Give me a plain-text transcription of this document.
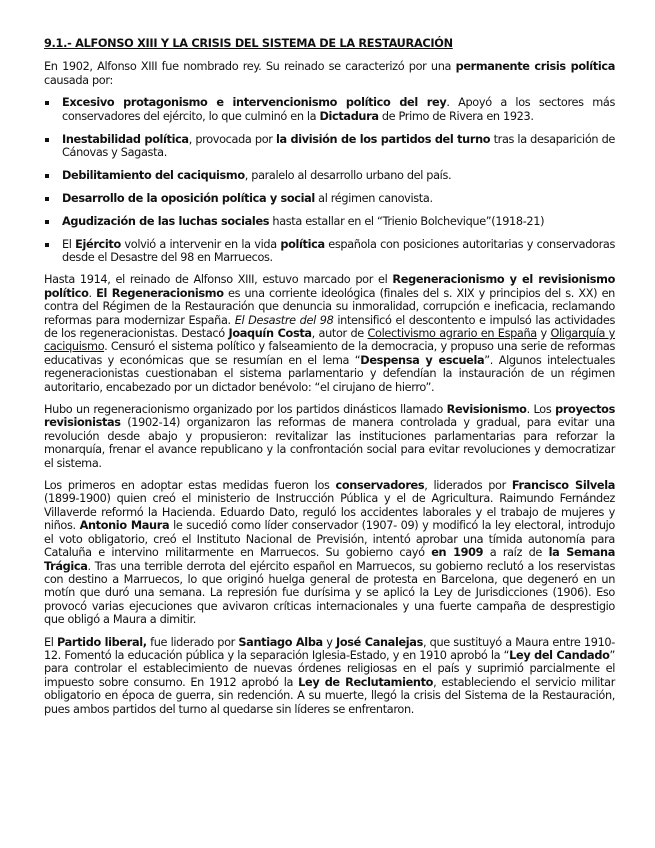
9.1.- ALFONSO XIII Y LA CRISIS DEL SISTEMA DE LA RESTAURACIÓN

En 1902, Alfonso XIII fue nombrado rey. Su reinado se caracterizó por una permanente crisis política causada por:

Excesivo protagonismo e intervencionismo político del rey. Apoyó a los sectores más conservadores del ejército, lo que culminó en la Dictadura de Primo de Rivera en 1923.
Inestabilidad política, provocada por la división de los partidos del turno tras la desaparición de Cánovas y Sagasta.
Debilitamiento del caciquismo, paralelo al desarrollo urbano del país.
Desarrollo de la oposición política y social al régimen canovista.
Agudización de las luchas sociales hasta estallar en el “Trienio Bolchevique”(1918-21)
El Ejército volvió a intervenir en la vida política española con posiciones autoritarias y conservadoras desde el Desastre del 98 en Marruecos.

Hasta 1914, el reinado de Alfonso XIII, estuvo marcado por el Regeneracionismo y el revisionismo político. El Regeneracionismo es una corriente ideológica (finales del s. XIX y principios del s. XX) en contra del Régimen de la Restauración que denuncia su inmoralidad, corrupción e ineficacia, reclamando reformas para modernizar España. El Desastre del 98 intensificó el descontento e impulsó las actividades de los regeneracionistas. Destacó Joaquín Costa, autor de Colectivismo agrario en España y Oligarquía y caciquismo. Censuró el sistema político y falseamiento de la democracia, y propuso una serie de reformas educativas y económicas que se resumían en el lema “Despensa y escuela”. Algunos intelectuales regeneracionistas cuestionaban el sistema parlamentario y defendían la instauración de un régimen autoritario, encabezado por un dictador benévolo: “el cirujano de hierro”.

Hubo un regeneracionismo organizado por los partidos dinásticos llamado Revisionismo. Los proyectos revisionistas (1902-14) organizaron las reformas de manera controlada y gradual, para evitar una revolución desde abajo y propusieron: revitalizar las instituciones parlamentarias para reforzar la monarquía, frenar el avance republicano y la confrontación social para evitar revoluciones y democratizar el sistema.

Los primeros en adoptar estas medidas fueron los conservadores, liderados por Francisco Silvela (1899-1900) quien creó el ministerio de Instrucción Pública y el de Agricultura. Raimundo Fernández Villaverde reformó la Hacienda. Eduardo Dato, reguló los accidentes laborales y el trabajo de mujeres y niños. Antonio Maura le sucedió como líder conservador (1907- 09) y modificó la ley electoral, introdujo el voto obligatorio, creó el Instituto Nacional de Previsión, intentó aprobar una tímida autonomía para Cataluña e intervino militarmente en Marruecos. Su gobierno cayó en 1909 a raíz de la Semana Trágica. Tras una terrible derrota del ejército español en Marruecos, su gobierno reclutó a los reservistas con destino a Marruecos, lo que originó huelga general de protesta en Barcelona, que degeneró en un motín que duró una semana. La represión fue durísima y se aplicó la Ley de Jurisdicciones (1906). Eso provocó varias ejecuciones que avivaron críticas internacionales y una fuerte campaña de desprestigio que obligó a Maura a dimitir.

El Partido liberal, fue liderado por Santiago Alba y José Canalejas, que sustituyó a Maura entre 1910-12. Fomentó la educación pública y la separación Iglesia-Estado, y en 1910 aprobó la “Ley del Candado” para controlar el establecimiento de nuevas órdenes religiosas en el país y suprimió parcialmente el impuesto sobre consumo. En 1912 aprobó la Ley de Reclutamiento, estableciendo el servicio militar obligatorio en época de guerra, sin redención. A su muerte, llegó la crisis del Sistema de la Restauración, pues ambos partidos del turno al quedarse sin líderes se enfrentaron.
